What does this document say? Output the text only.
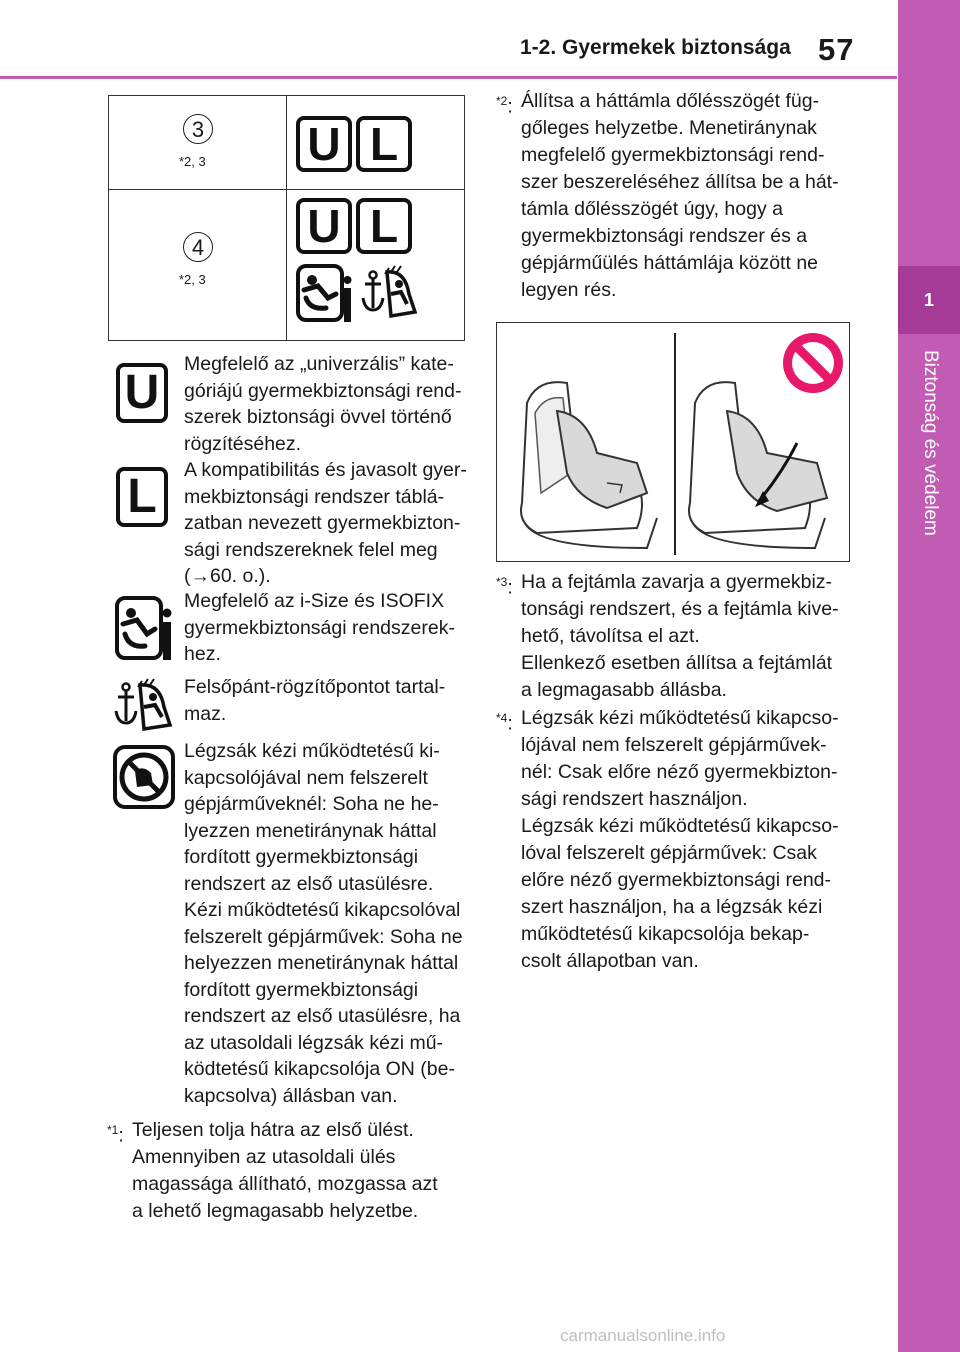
1-2. Gyermekek biztonsága 57
1
Biztonság és védelem
3
*2, 3 U L
4
*2, 3
U L
U
L
Megfelelő az „univerzális” kate-
góriájú gyermekbiztonsági rend-
szerek biztonsági övvel történő
rögzítéséhez.
A kompatibilitás és javasolt gyer-
mekbiztonsági rendszer táblá-
zatban nevezett gyermekbizton-
sági rendszereknek felel meg
(→60. o.).
Megfelelő az i-Size és ISOFIX
gyermekbiztonsági rendszerek-
hez.
Felsőpánt-rögzítőpontot tartal-
maz.
Légzsák kézi működtetésű ki-
kapcsolójával nem felszerelt
gépjárműveknél: Soha ne he-
lyezzen menetiránynak háttal
fordított gyermekbiztonsági
rendszert az első utasülésre.
Kézi működtetésű kikapcsolóval
felszerelt gépjárművek: Soha ne
helyezzen menetiránynak háttal
fordított gyermekbiztonsági
rendszert az első utasülésre, ha
az utasoldali légzsák kézi mű-
ködtetésű kikapcsolója ON (be-
kapcsolva) állásban van.
$^{*1}$: Teljesen tolja hátra az első ülést.
Amennyiben az utasoldali ülés
magassága állítható, mozgassa azt
a lehető legmagasabb helyzetbe.
$^{*2}$: Állítsa a háttámla dőlésszögét füg-
gőleges helyzetbe. Menetiránynak
megfelelő gyermekbiztonsági rend-
szer beszereléséhez állítsa be a hát-
támla dőlésszögét úgy, hogy a
gyermekbiztonsági rendszer és a
gépjárműülés háttámlája között ne
legyen rés.
$^{*3}$: Ha a fejtámla zavarja a gyermekbiz-
tonsági rendszert, és a fejtámla kive-
hető, távolítsa el azt.
Ellenkező esetben állítsa a fejtámlát
a legmagasabb állásba.
$^{*4}$: Légzsák kézi működtetésű kikapcso-
lójával nem felszerelt gépjárművek-
nél: Csak előre néző gyermekbizton-
sági rendszert használjon.
Légzsák kézi működtetésű kikapcso-
lóval felszerelt gépjárművek: Csak
előre néző gyermekbiztonsági rend-
szert használjon, ha a légzsák kézi
működtetésű kikapcsolója bekap-
csolt állapotban van.
carmanualsonline.info
